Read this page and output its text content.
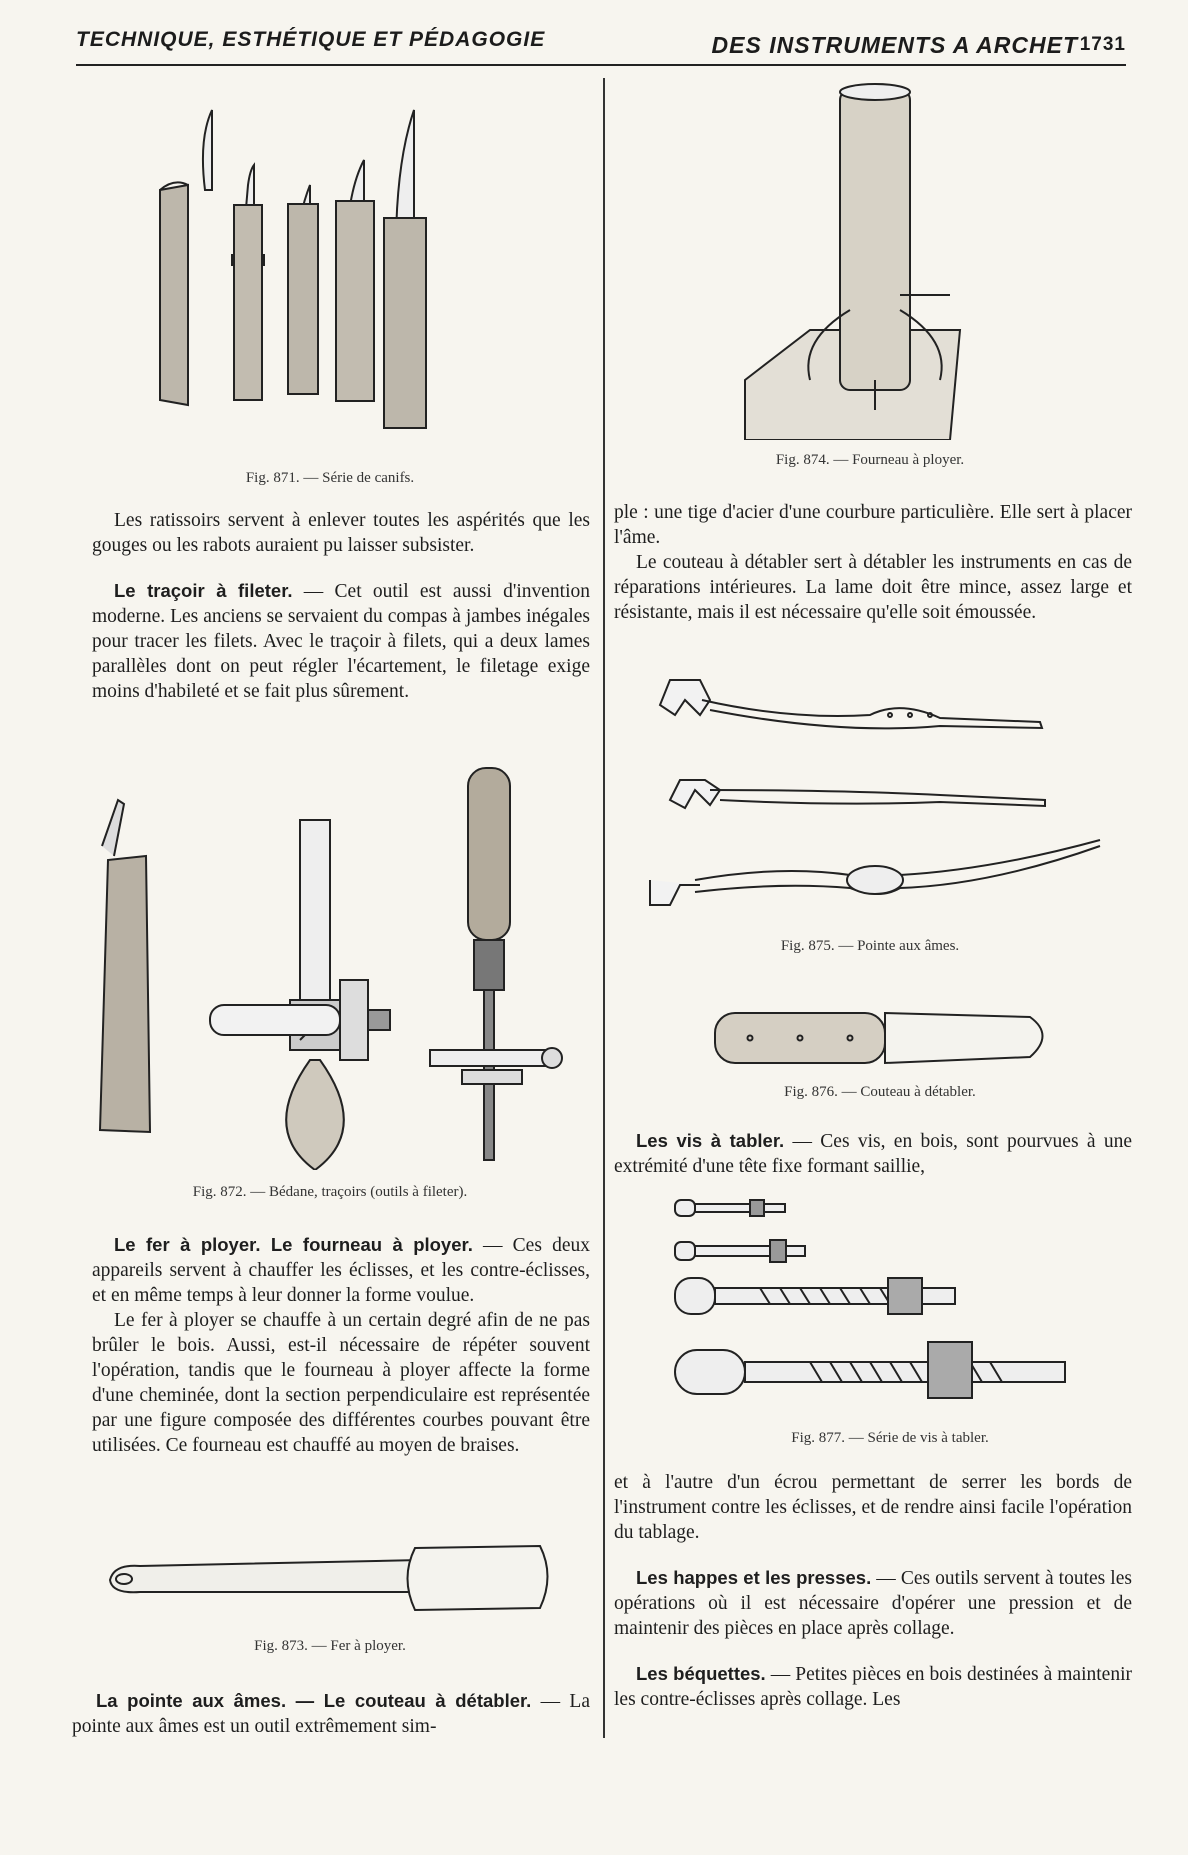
TECHNIQUE, ESTHÉTIQUE ET PÉDAGOGIE	DES INSTRUMENTS A ARCHET 1731
Fig. 871. — Série de canifs.

Les ratissoirs servent à enlever toutes les aspérités que les gouges ou les rabots auraient pu laisser subsister.

Le traçoir à fileter. — Cet outil est aussi d'invention moderne. Les anciens se servaient du compas à jambes inégales pour tracer les filets. Avec le traçoir à filets, qui a deux lames parallèles dont on peut régler l'écartement, le filetage exige moins d'habileté et se fait plus sûrement.

Fig. 872. — Bédane, traçoirs (outils à fileter).

Le fer à ployer. Le fourneau à ployer. — Ces deux appareils servent à chauffer les éclisses, et les contre-éclisses, et en même temps à leur donner la forme voulue.

Le fer à ployer se chauffe à un certain degré afin de ne pas brûler le bois. Aussi, est-il nécessaire de répéter souvent l'opération, tandis que le fourneau à ployer affecte la forme d'une cheminée, dont la section perpendiculaire est représentée par une figure composée des différentes courbes pouvant être utilisées. Ce fourneau est chauffé au moyen de braises.

Fig. 873. — Fer à ployer.

La pointe aux âmes. — Le couteau à détabler. — La pointe aux âmes est un outil extrêmement sim-

Fig. 874. — Fourneau à ployer.

ple : une tige d'acier d'une courbure particulière. Elle sert à placer l'âme.

Le couteau à détabler sert à détabler les instruments en cas de réparations intérieures. La lame doit être mince, assez large et résistante, mais il est nécessaire qu'elle soit émoussée.

Fig. 875. — Pointe aux âmes.
Fig. 876. — Couteau à détabler.

Les vis à tabler. — Ces vis, en bois, sont pourvues à une extrémité d'une tête fixe formant saillie,

Fig. 877. — Série de vis à tabler.

et à l'autre d'un écrou permettant de serrer les bords de l'instrument contre les éclisses, et de rendre ainsi facile l'opération du tablage.

Les happes et les presses. — Ces outils servent à toutes les opérations où il est nécessaire d'opérer une pression et de maintenir des pièces en place après collage.

Les béquettes. — Petites pièces en bois destinées à maintenir les contre-éclisses après collage. Les
